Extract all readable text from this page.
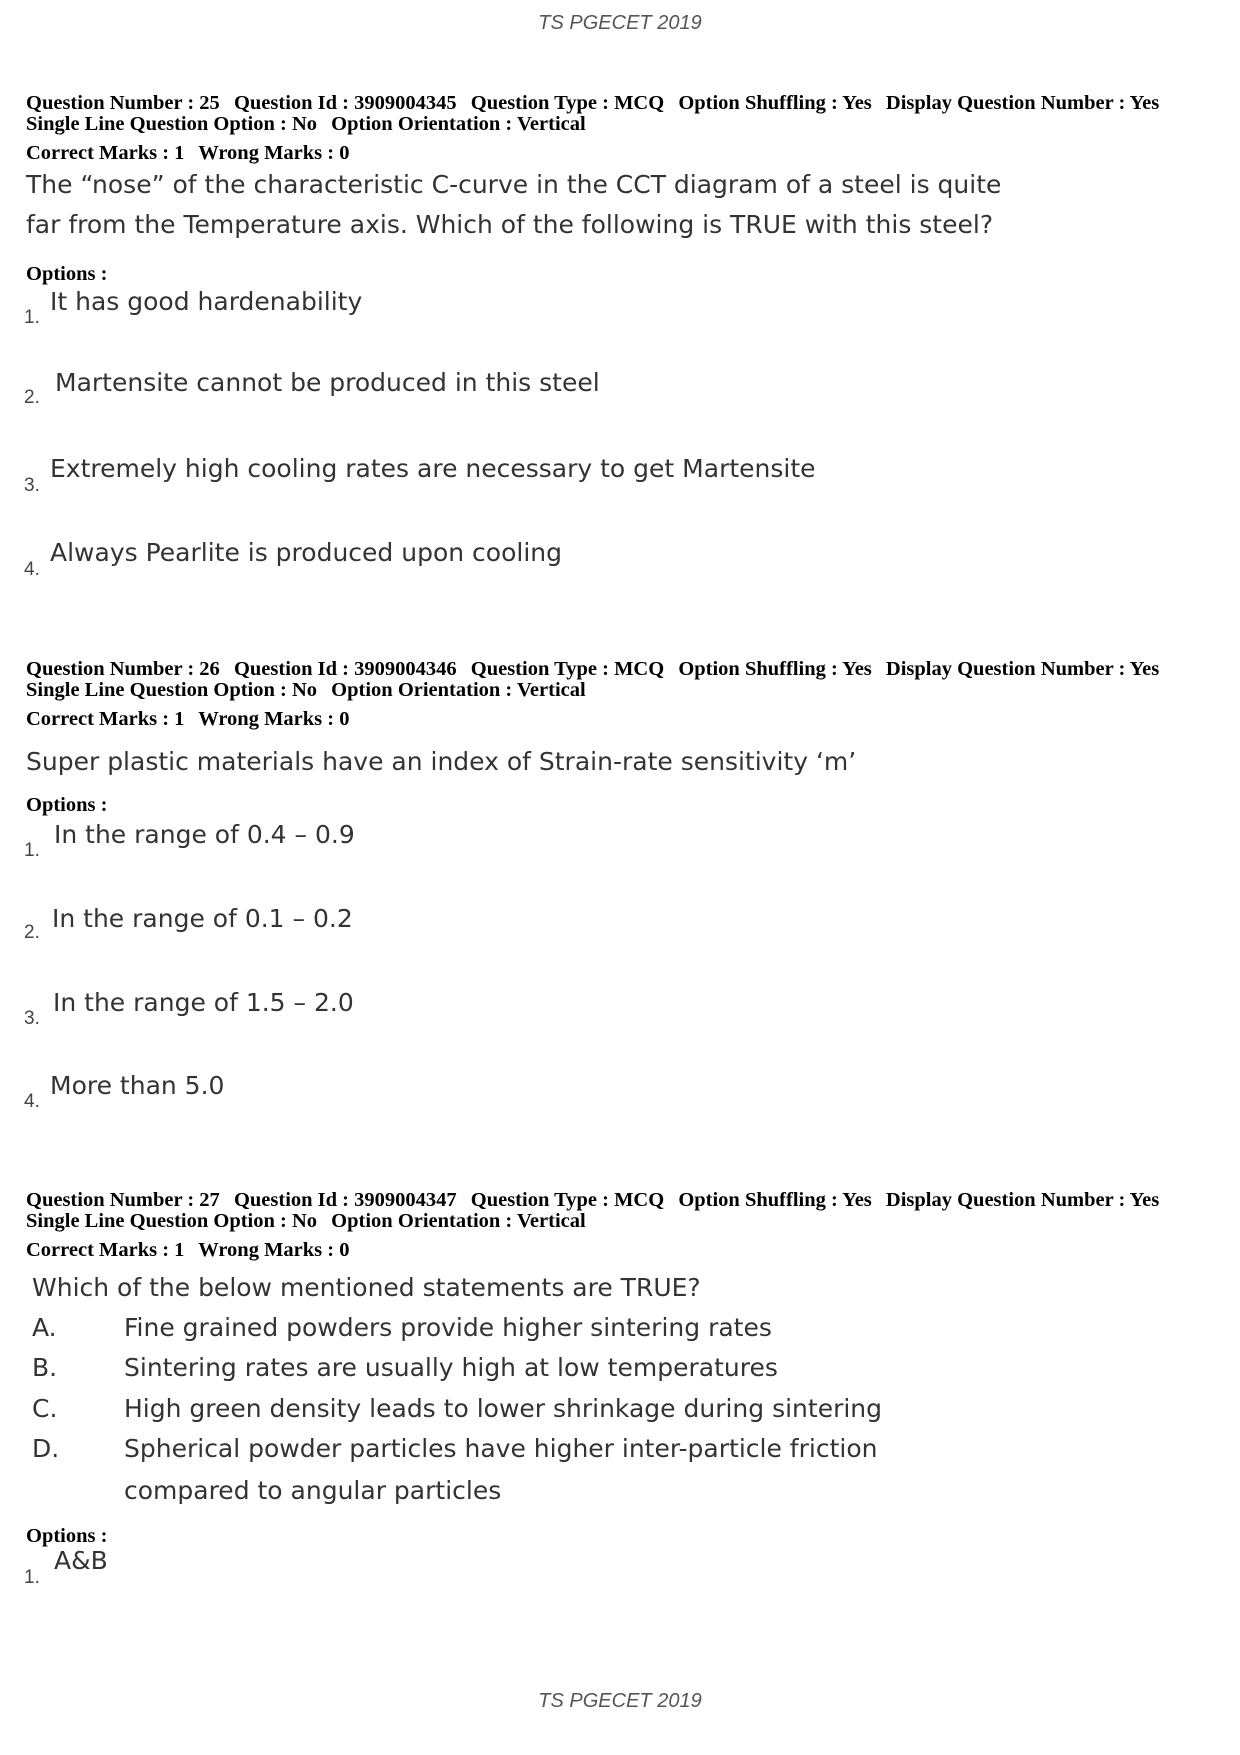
TS PGECET 2019
Question Number : 25 Question Id : 3909004345 Question Type : MCQ Option Shuffling : Yes Display Question Number : Yes
Single Line Question Option : No Option Orientation : Vertical
Correct Marks : 1 Wrong Marks : 0
The “nose” of the characteristic C-curve in the CCT diagram of a steel is quite
far from the Temperature axis. Which of the following is TRUE with this steel?
Options :
1.
It has good hardenability
2.
Martensite cannot be produced in this steel
3.
Extremely high cooling rates are necessary to get Martensite
4.
Always Pearlite is produced upon cooling
Question Number : 26 Question Id : 3909004346 Question Type : MCQ Option Shuffling : Yes Display Question Number : Yes
Single Line Question Option : No Option Orientation : Vertical
Correct Marks : 1 Wrong Marks : 0
Super plastic materials have an index of Strain-rate sensitivity ‘m’
Options :
1.
In the range of 0.4 – 0.9
2. In the range of 0.1 – 0.2
3.
In the range of 1.5 – 2.0
4.
More than 5.0
Question Number : 27 Question Id : 3909004347 Question Type : MCQ Option Shuffling : Yes Display Question Number : Yes
Single Line Question Option : No Option Orientation : Vertical
Correct Marks : 1 Wrong Marks : 0
Which of the below mentioned statements are TRUE?
A.	Fine grained powders provide higher sintering rates
B.	Sintering rates are usually high at low temperatures
C.	High green density leads to lower shrinkage during sintering
D.	Spherical powder particles have higher inter-particle friction
compared to angular particles
Options :
1.
A&B
TS PGECET 2019
